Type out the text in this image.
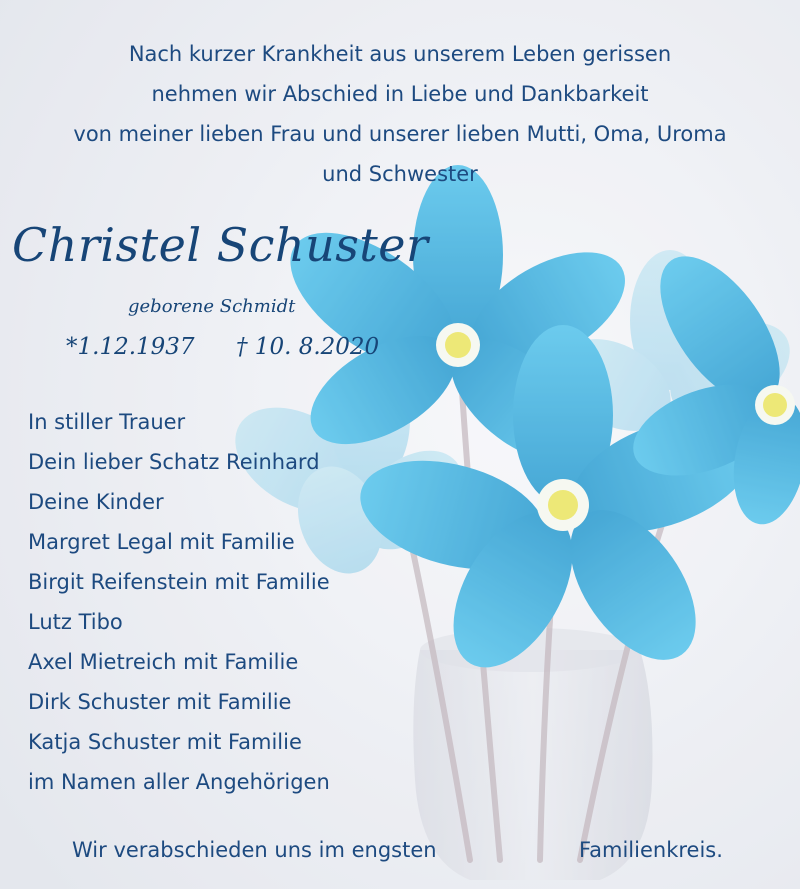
Nach kurzer Krankheit aus unserem Leben gerissen
nehmen wir Abschied in Liebe und Dankbarkeit
von meiner lieben Frau und unserer lieben Mutti, Oma, Uroma
und Schwester
Christel Schuster
geborene Schmidt
*1.12.1937 † 10. 8.2020
In stiller Trauer
Dein lieber Schatz Reinhard
Deine Kinder
Margret Legal mit Familie
Birgit Reifenstein mit Familie
Lutz Tibo
Axel Mietreich mit Familie
Dirk Schuster mit Familie
Katja Schuster mit Familie
im Namen aller Angehörigen
Wir verabschieden uns im engsten	Familienkreis.
